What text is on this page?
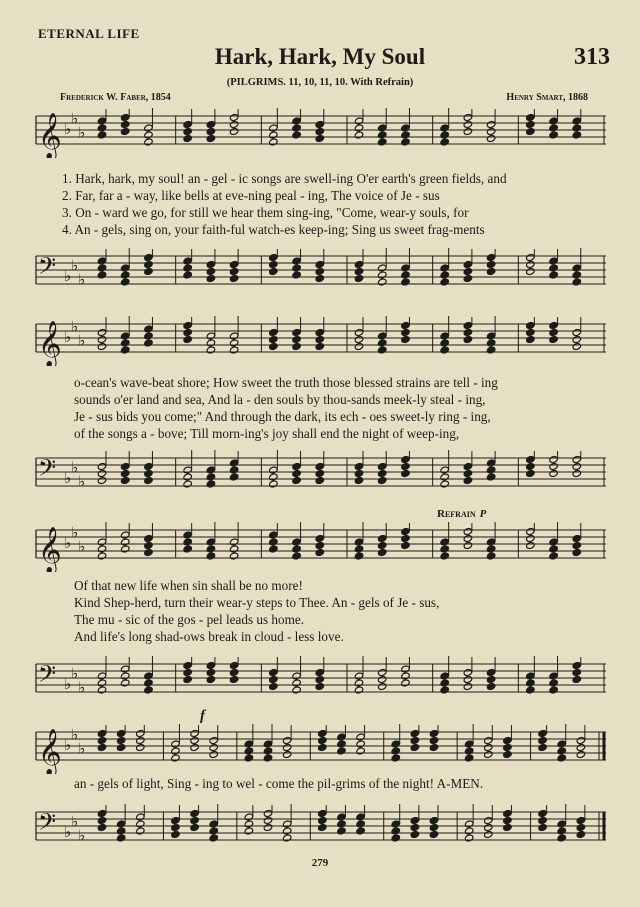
ETERNAL LIFE
Hark, Hark, My Soul	313
(PILGRIMS. 11, 10, 11, 10. With Refrain)
Frederick W. Faber, 1854	Henry Smart, 1868
𝄞 ♭
♭
♭
1. Hark, hark, my soul! an - gel - ic songs are swell-ing O'er earth's green fields, and
2. Far, far a - way, like bells at eve-ning peal - ing, The voice of Je - sus
3. On - ward we go, for still we hear them sing-ing, "Come, wear-y souls, for
4. An - gels, sing on, your faith-ful watch-es keep-ing; Sing us sweet frag-ments
𝄢 ♭
♭
♭
𝄞 ♭
♭
♭
o-cean's wave-beat shore; How sweet the truth those blessed strains are tell - ing
sounds o'er land and sea, And la - den souls by thou-sands meek-ly steal - ing,
Je - sus bids you come;" And through the dark, its ech - oes sweet-ly ring - ing,
of the songs a - bove; Till morn-ing's joy shall end the night of weep-ing,
𝄢 ♭
♭
♭
Refrain p
𝄞 ♭
♭
♭
Of that new life when sin shall be no more!
Kind Shep-herd, turn their wear-y steps to Thee. An - gels of Je - sus,
The mu - sic of the gos - pel leads us home.
And life's long shad-ows break in cloud - less love.
𝄢 ♭
♭
♭
f
𝄞 ♭
♭
♭
an - gels of light, Sing - ing to wel - come the pil-grims of the night! A-MEN.
𝄢 ♭
♭
♭
279
